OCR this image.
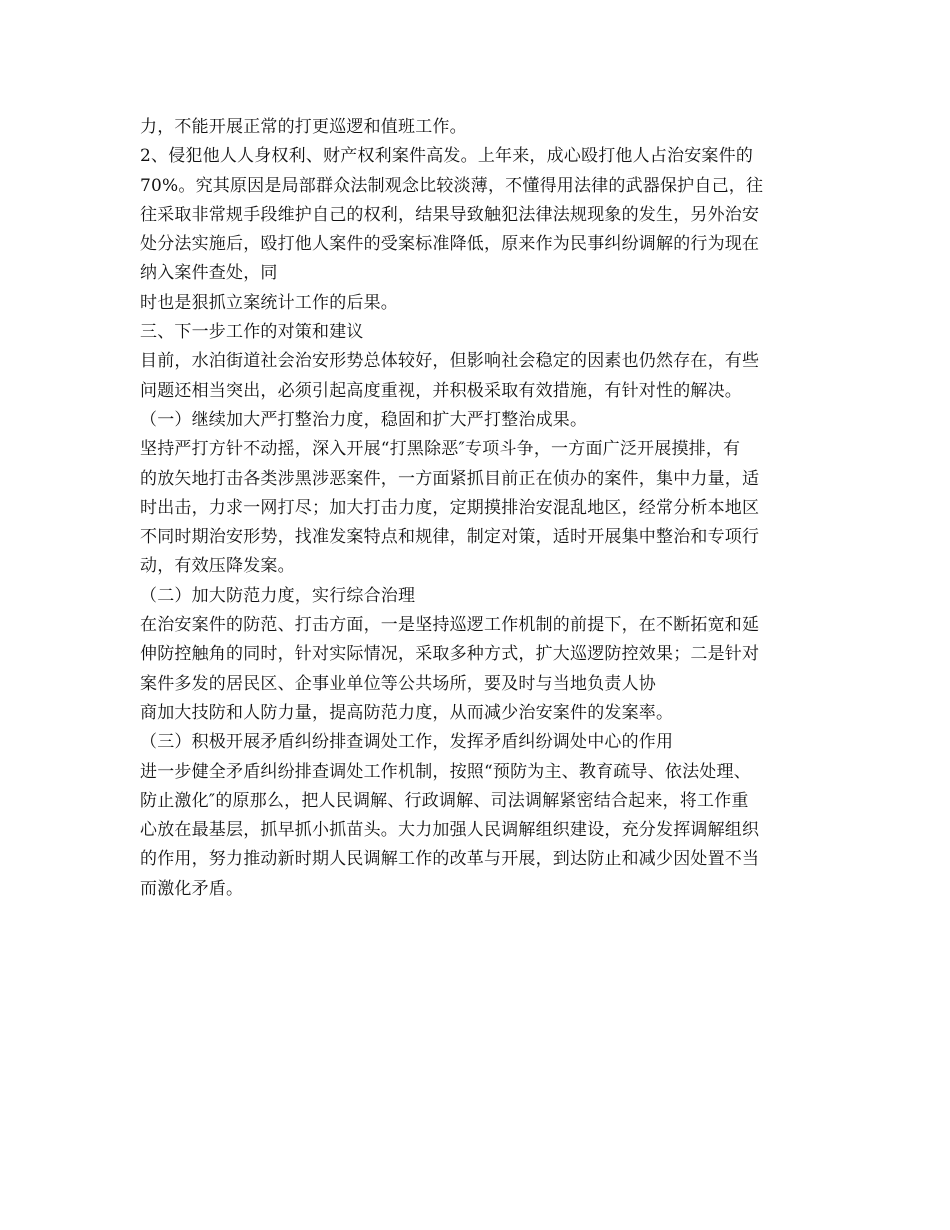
力，不能开展正常的打更巡逻和值班工作。
2、侵犯他人人身权利、财产权利案件高发。上年来，成心殴打他人占治安案件的
70%。究其原因是局部群众法制观念比较淡薄，不懂得用法律的武器保护自己，往
往采取非常规手段维护自己的权利，结果导致触犯法律法规现象的发生，另外治安
处分法实施后，殴打他人案件的受案标准降低，原来作为民事纠纷调解的行为现在
纳入案件查处，同
时也是狠抓立案统计工作的后果。
三、下一步工作的对策和建议
目前，水泊街道社会治安形势总体较好，但影响社会稳定的因素也仍然存在，有些
问题还相当突出，必须引起高度重视，并积极采取有效措施，有针对性的解决。
（一）继续加大严打整治力度，稳固和扩大严打整治成果。
坚持严打方针不动摇，深入开展“打黑除恶″专项斗争，一方面广泛开展摸排，有
的放矢地打击各类涉黑涉恶案件，一方面紧抓目前正在侦办的案件，集中力量，适
时出击，力求一网打尽；加大打击力度，定期摸排治安混乱地区，经常分析本地区
不同时期治安形势，找准发案特点和规律，制定对策，适时开展集中整治和专项行
动，有效压降发案。
（二）加大防范力度，实行综合治理
在治安案件的防范、打击方面，一是坚持巡逻工作机制的前提下，在不断拓宽和延
伸防控触角的同时，针对实际情况，采取多种方式，扩大巡逻防控效果；二是针对
案件多发的居民区、企事业单位等公共场所，要及时与当地负责人协
商加大技防和人防力量，提高防范力度，从而减少治安案件的发案率。
（三）积极开展矛盾纠纷排查调处工作，发挥矛盾纠纷调处中心的作用
进一步健全矛盾纠纷排查调处工作机制，按照“预防为主、教育疏导、依法处理、
防止激化″的原那么，把人民调解、行政调解、司法调解紧密结合起来，将工作重
心放在最基层，抓早抓小抓苗头。大力加强人民调解组织建设，充分发挥调解组织
的作用，努力推动新时期人民调解工作的改革与开展，到达防止和减少因处置不当
而激化矛盾。
